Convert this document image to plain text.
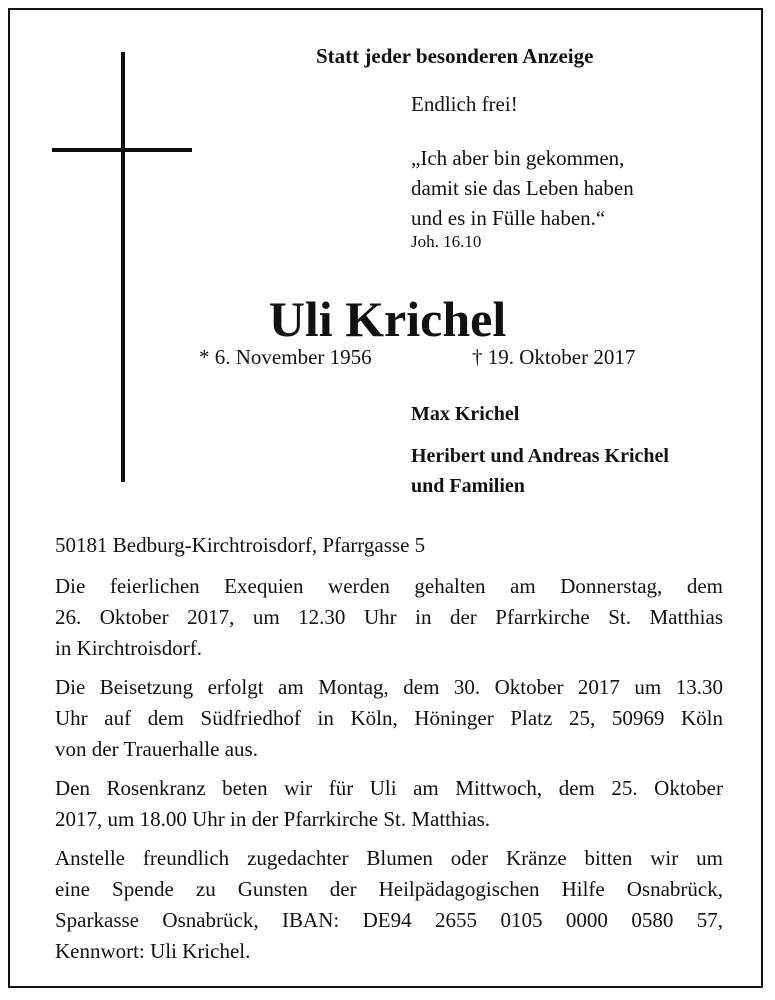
Statt jeder besonderen Anzeige
Endlich frei!
„Ich aber bin gekommen,
damit sie das Leben haben
und es in Fülle haben.“
Joh. 16.10
Uli Krichel
* 6. November 1956	† 19. Oktober 2017
Max Krichel
Heribert und Andreas Krichel
und Familien
50181 Bedburg-Kirchtroisdorf, Pfarrgasse 5
Die feierlichen Exequien werden gehalten am Donnerstag, dem
26. Oktober 2017, um 12.30 Uhr in der Pfarrkirche St. Matthias
in Kirchtroisdorf.
Die Beisetzung erfolgt am Montag, dem 30. Oktober 2017 um 13.30
Uhr auf dem Südfriedhof in Köln, Höninger Platz 25, 50969 Köln
von der Trauerhalle aus.
Den Rosenkranz beten wir für Uli am Mittwoch, dem 25. Oktober
2017, um 18.00 Uhr in der Pfarrkirche St. Matthias.
Anstelle freundlich zugedachter Blumen oder Kränze bitten wir um
eine Spende zu Gunsten der Heilpädagogischen Hilfe Osnabrück,
Sparkasse Osnabrück, IBAN: DE94 2655 0105 0000 0580 57,
Kennwort: Uli Krichel.
